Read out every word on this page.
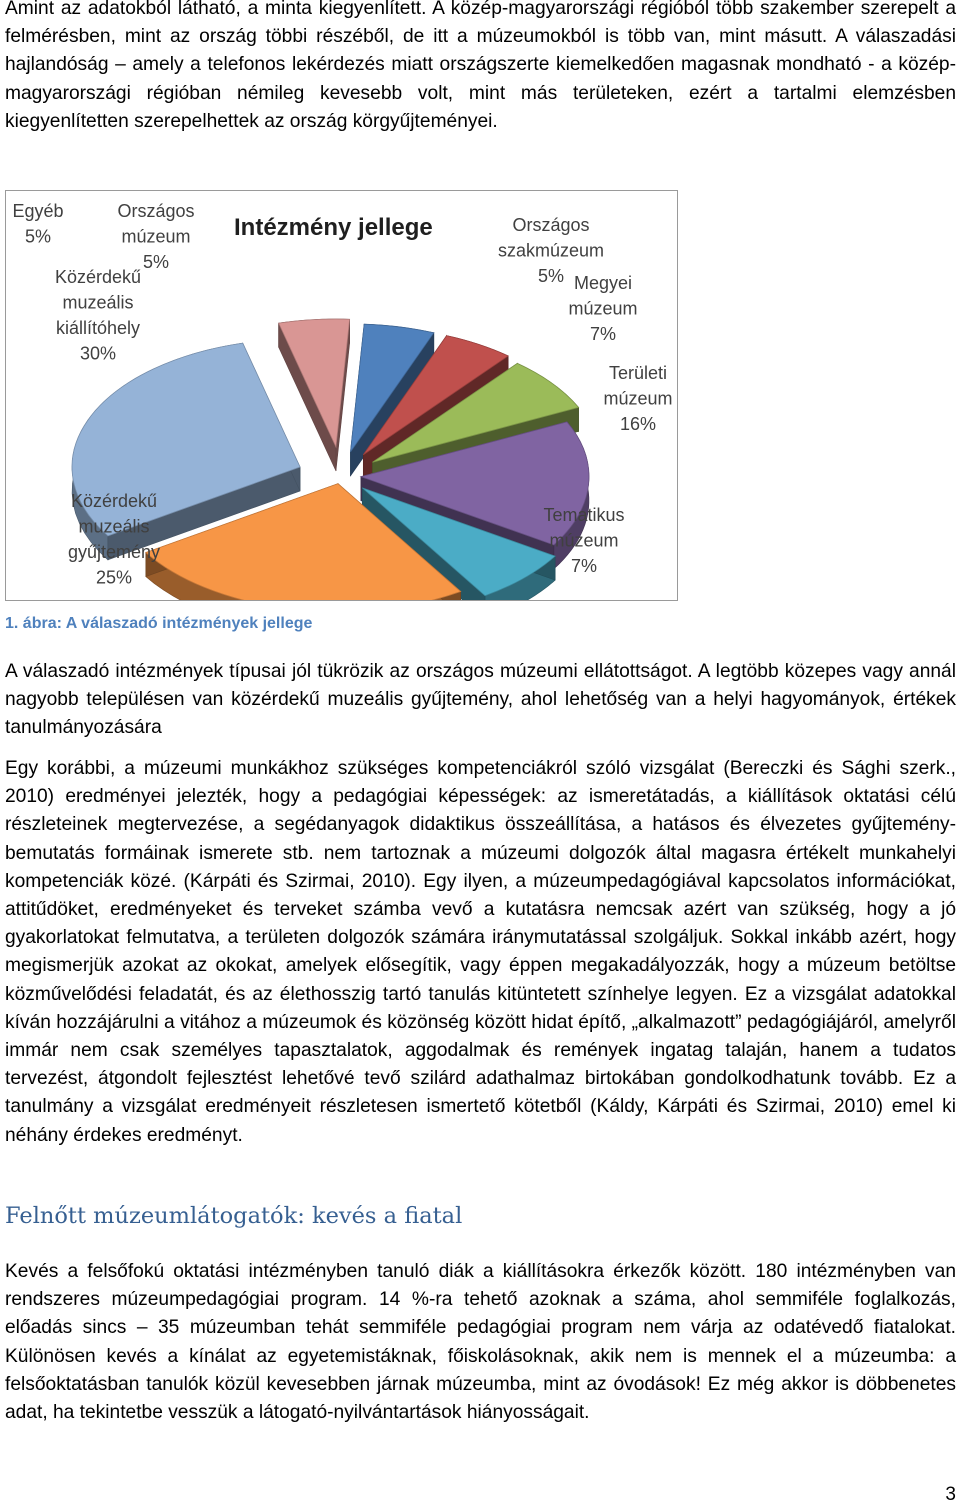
Amint az adatokból látható, a minta kiegyenlített. A közép-magyarországi régióból több szakember szerepelt a felmérésben, mint az ország többi részéből, de itt a múzeumokból is több van, mint másutt. A válaszadási hajlandóság – amely a telefonos lekérdezés miatt országszerte kiemelkedően magasnak mondható - a közép-magyarországi régióban némileg kevesebb volt, mint más területeken, ezért a tartalmi elemzésben kiegyenlítetten szerepelhettek az ország körgyűjteményei.

Intézmény jellege
Országos múzeum 5%
Országos szakmúzeum 5% Megyei múzeum 7%
Területi múzeum 16%
Tematikus múzeum 7%
Közérdekű muzeális gyűjtemény 25%
Közérdekű muzeális kiállítóhely 30%
Egyéb 5%

1. ábra: A válaszadó intézmények jellege

A válaszadó intézmények típusai jól tükrözik az országos múzeumi ellátottságot. A legtöbb közepes vagy annál nagyobb településen van közérdekű muzeális gyűjtemény, ahol lehetőség van a helyi hagyományok, értékek tanulmányozására

Egy korábbi, a múzeumi munkákhoz szükséges kompetenciákról szóló vizsgálat (Bereczki és Sághi szerk., 2010) eredményei jelezték, hogy a pedagógiai képességek: az ismeretátadás, a kiállítások oktatási célú részleteinek megtervezése, a segédanyagok didaktikus összeállítása, a hatásos és élvezetes gyűjtemény-bemutatás formáinak ismerete stb. nem tartoznak a múzeumi dolgozók által magasra értékelt munkahelyi kompetenciák közé. (Kárpáti és Szirmai, 2010). Egy ilyen, a múzeumpedagógiával kapcsolatos információkat, attitűdöket, eredményeket és terveket számba vevő a kutatásra nemcsak azért van szükség, hogy a jó gyakorlatokat felmutatva, a területen dolgozók számára iránymutatással szolgáljuk. Sokkal inkább azért, hogy megismerjük azokat az okokat, amelyek elősegítik, vagy éppen megakadályozzák, hogy a múzeum betöltse közművelődési feladatát, és az élethosszig tartó tanulás kitüntetett színhelye legyen. Ez a vizsgálat adatokkal kíván hozzájárulni a vitához a múzeumok és közönség között hidat építő, „alkalmazott” pedagógiájáról, amelyről immár nem csak személyes tapasztalatok, aggodalmak és remények ingatag talaján, hanem a tudatos tervezést, átgondolt fejlesztést lehetővé tevő szilárd adathalmaz birtokában gondolkodhatunk tovább. Ez a tanulmány a vizsgálat eredményeit részletesen ismertető kötetből (Káldy, Kárpáti és Szirmai, 2010) emel ki néhány érdekes eredményt.

Felnőtt múzeumlátogatók: kevés a fiatal

Kevés a felsőfokú oktatási intézményben tanuló diák a kiállításokra érkezők között. 180 intézményben van rendszeres múzeumpedagógiai program. 14 %-ra tehető azoknak a száma, ahol semmiféle foglalkozás, előadás sincs – 35 múzeumban tehát semmiféle pedagógiai program nem várja az odatévedő fiatalokat. Különösen kevés a kínálat az egyetemistáknak, főiskolásoknak, akik nem is mennek el a múzeumba: a felsőoktatásban tanulók közül kevesebben járnak múzeumba, mint az óvodások! Ez még akkor is döbbenetes adat, ha tekintetbe vesszük a látogató-nyilvántartások hiányosságait.

3
